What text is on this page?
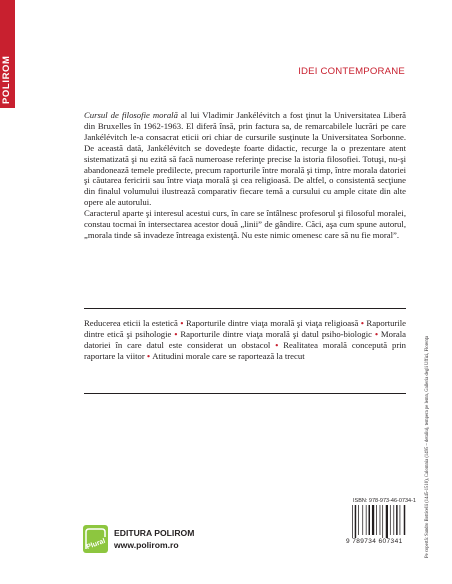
POLIROM	IDEI CONTEMPORANE

Cursul de filosofie morală al lui Vladimir Jankélévitch a fost ţinut la Universitatea Liberă din Bruxelles în 1962-1963. El diferă însă, prin factura sa, de remarcabilele lucrări pe care Jankélévitch le-a consacrat eticii ori chiar de cursurile susţinute la Universitatea Sorbonne. De această dată, Jankélévitch se dovedeşte foarte didactic, recurge la o prezentare atent sistematizată şi nu ezită să facă numeroase referinţe precise la istoria filosofiei. Totuşi, nu-şi abandonează temele predilecte, precum raporturile între morală şi timp, între morala datoriei şi căutarea fericirii sau între viaţa morală şi cea religioasă. De altfel, o consistentă secţiune din finalul volumului ilustrează comparativ fiecare temă a cursului cu ample citate din alte opere ale autorului.

Caracterul aparte şi interesul acestui curs, în care se întâlnesc profesorul şi filosoful moralei, constau tocmai în intersectarea acestor două „linii” de gândire. Căci, aşa cum spune autorul, „morala tinde să invadeze întreaga existenţă. Nu este nimic omenesc care să nu fie moral”.

Reducerea eticii la estetică • Raporturile dintre viaţa morală şi viaţa religioasă • Raporturile dintre etică şi psihologie • Raporturile dintre viaţa morală şi datul psiho-biologic • Morala datoriei în care datul este considerat un obstacol • Realitatea morală concepută prin raportare la viitor • Atitudini morale care se raportează la trecut
ISBN: 978-973-46-0734-1
9 789734 607341	Pe copertă: Sandro Botticelli (1445-1510), Calomnia (1495 – detaliu), tempera pe lemn, Galleria degli Uffizi, Florenţa
Plural
EDITURA POLIROM
www.polirom.ro
